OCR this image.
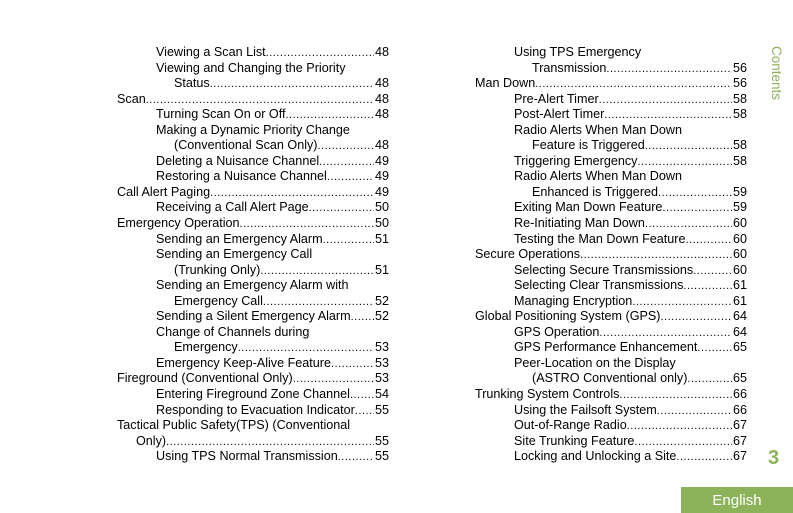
Viewing a Scan List .....	48
Viewing and Changing the Priority
Status .....	48
Scan .....	48
Turning Scan On or Off .....	48
Making a Dynamic Priority Change
(Conventional Scan Only) .....	48
Deleting a Nuisance Channel .....	49
Restoring a Nuisance Channel .....	49
Call Alert Paging .....	49
Receiving a Call Alert Page .....	50
Emergency Operation .....	50
Sending an Emergency Alarm .....	51
Sending an Emergency Call
(Trunking Only) .....	51
Sending an Emergency Alarm with
Emergency Call .....	52
Sending a Silent Emergency Alarm ..... 52
Change of Channels during
Emergency .....	53
Emergency Keep-Alive Feature .....	53
Fireground (Conventional Only) .....	53
Entering Fireground Zone Channel ..... 54
Responding to Evacuation Indicator ..... 55
Tactical Public Safety(TPS) (Conventional
Only) .....	55
Using TPS Normal Transmission .....	55
Using TPS Emergency
Transmission .....	56
Man Down .....	56
Pre-Alert Timer .....	58
Post-Alert Timer .....	58
Radio Alerts When Man Down
Feature is Triggered .....	58
Triggering Emergency .....	58
Radio Alerts When Man Down
Enhanced is Triggered .....	59
Exiting Man Down Feature .....	59
Re-Initiating Man Down .....	60
Testing the Man Down Feature .....	60
Secure Operations .....	60
Selecting Secure Transmissions .....	60
Selecting Clear Transmissions .....	61
Managing Encryption .....	61
Global Positioning System (GPS) .....	64
GPS Operation .....	64
GPS Performance Enhancement .....	65
Peer-Location on the Display
(ASTRO Conventional only) .....	65
Trunking System Controls .....	66
Using the Failsoft System .....	66
Out-of-Range Radio .....	67
Site Trunking Feature .....	67
Locking and Unlocking a Site .....	67
Contents
3
English
